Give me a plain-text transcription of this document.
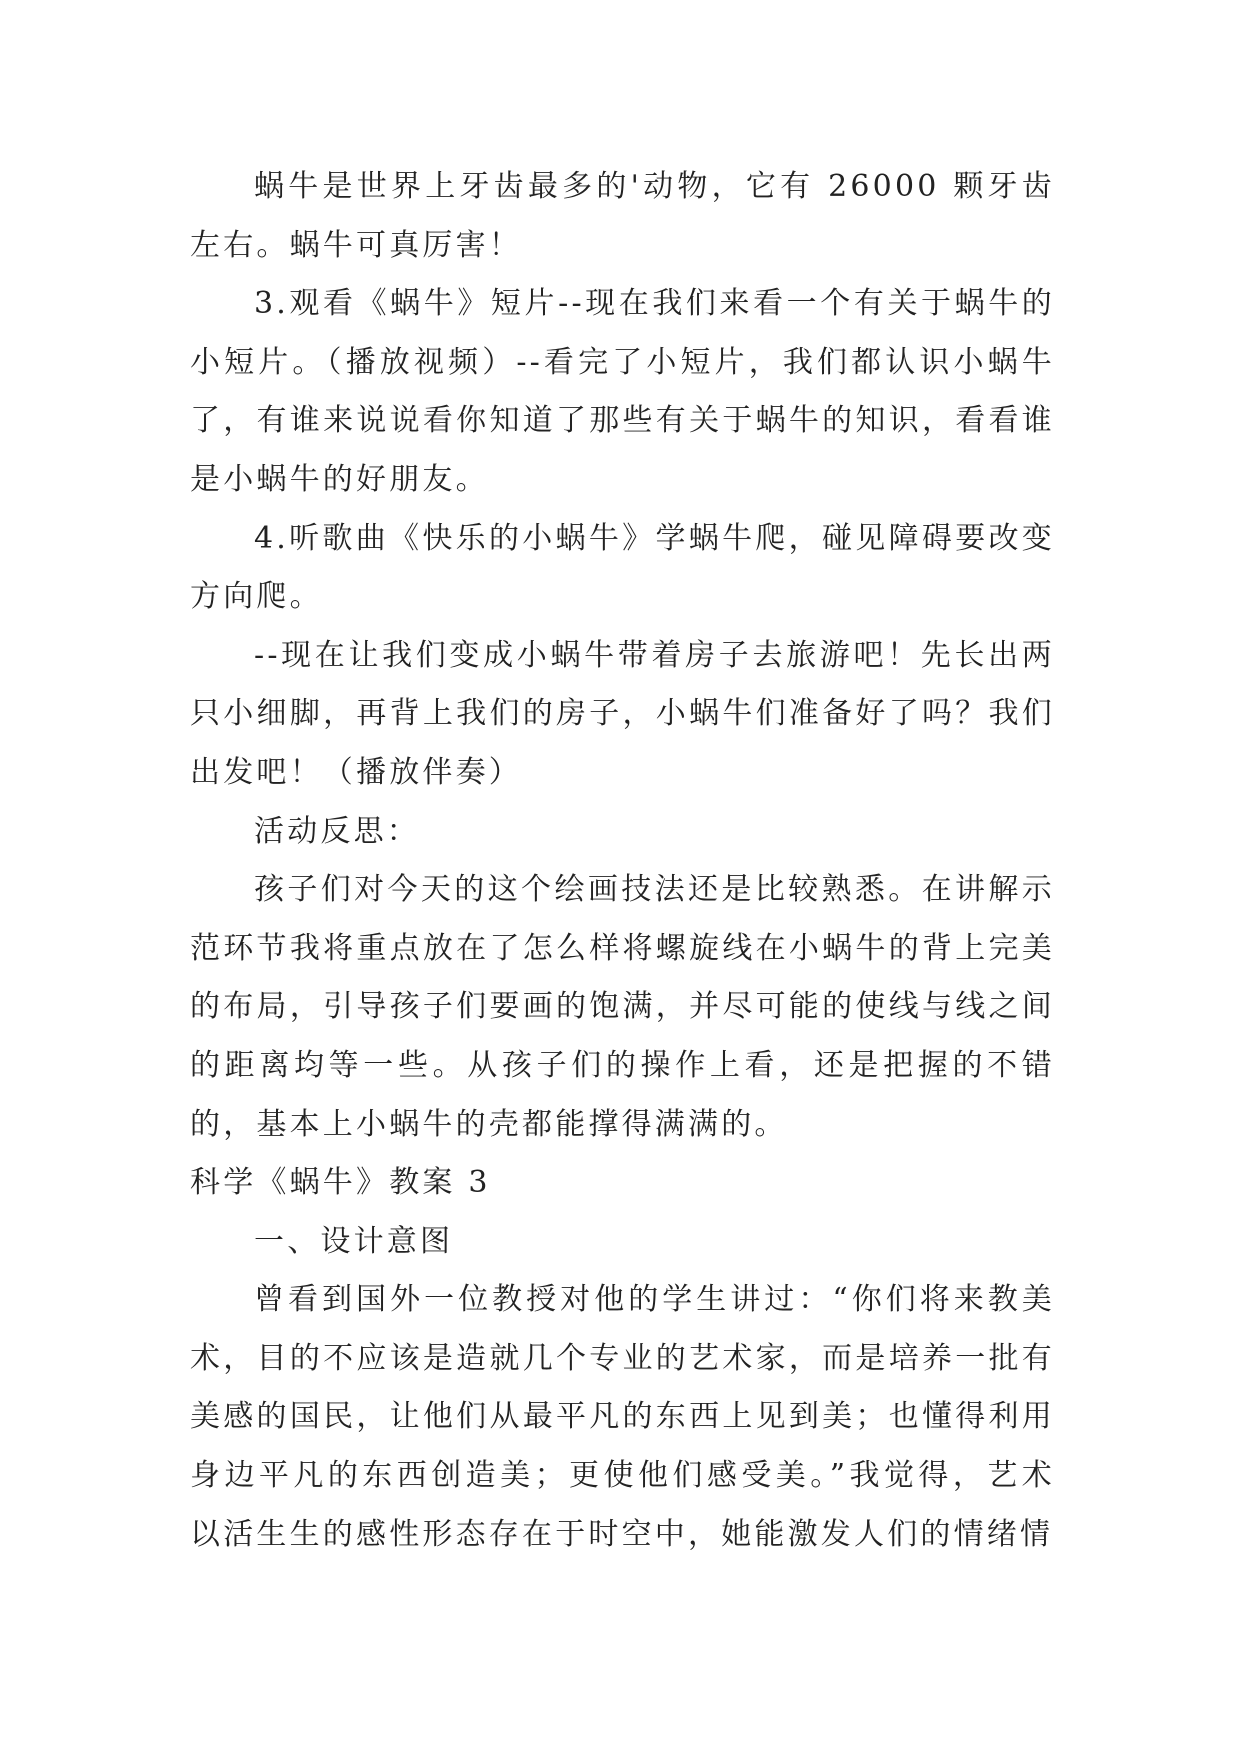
蜗牛是世界上牙齿最多的'动物，它有 26000 颗牙齿左右。蜗牛可真厉害！

3.观看《蜗牛》短片--现在我们来看一个有关于蜗牛的小短片。（播放视频）--看完了小短片，我们都认识小蜗牛了，有谁来说说看你知道了那些有关于蜗牛的知识，看看谁是小蜗牛的好朋友。

4.听歌曲《快乐的小蜗牛》学蜗牛爬，碰见障碍要改变方向爬。

--现在让我们变成小蜗牛带着房子去旅游吧！先长出两只小细脚，再背上我们的房子，小蜗牛们准备好了吗？我们出发吧！（播放伴奏）

活动反思：

孩子们对今天的这个绘画技法还是比较熟悉。在讲解示范环节我将重点放在了怎么样将螺旋线在小蜗牛的背上完美的布局，引导孩子们要画的饱满，并尽可能的使线与线之间的距离均等一些。从孩子们的操作上看，还是把握的不错的，基本上小蜗牛的壳都能撑得满满的。

科学《蜗牛》教案 3

一、设计意图

曾看到国外一位教授对他的学生讲过：“你们将来教美术，目的不应该是造就几个专业的艺术家，而是培养一批有美感的国民，让他们从最平凡的东西上见到美；也懂得利用身边平凡的东西创造美；更使他们感受美。”我觉得，艺术以活生生的感性形态存在于时空中，她能激发人们的情绪情
